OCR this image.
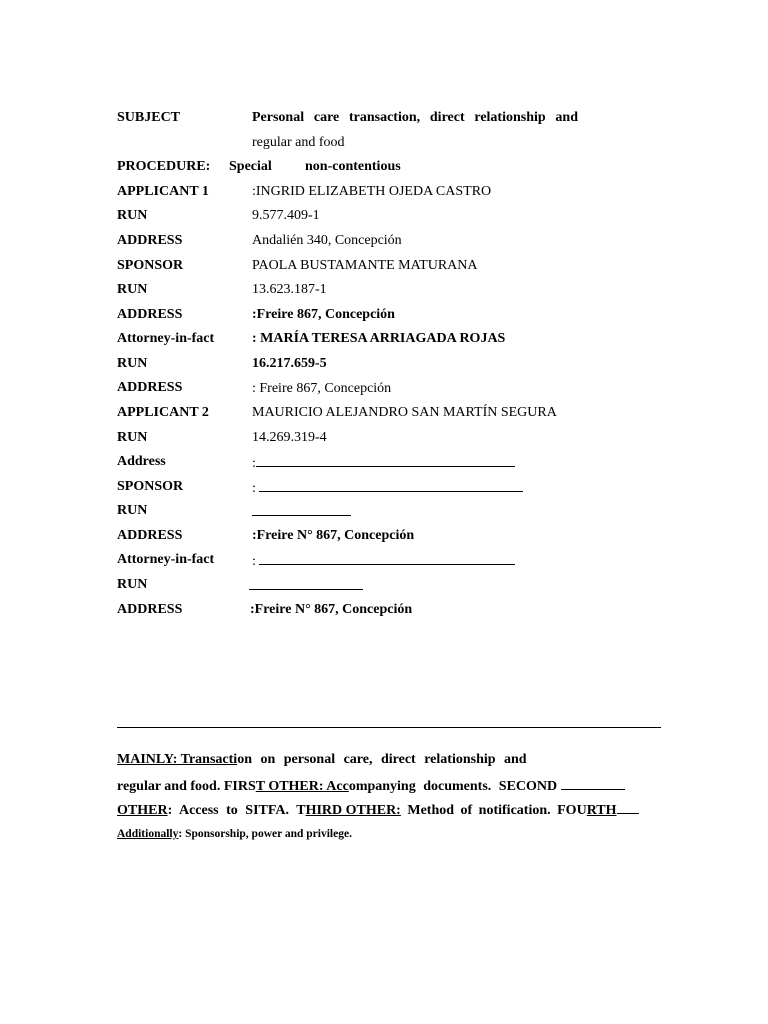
SUBJECT	Personal care transaction, direct relationship and
regular and food
PROCEDURE: Special non-contentious
APPLICANT 1	:INGRID ELIZABETH OJEDA CASTRO
RUN	9.577.409-1
ADDRESS	Andalién 340, Concepción
SPONSOR	PAOLA BUSTAMANTE MATURANA
RUN	13.623.187-1
ADDRESS	:Freire 867, Concepción
Attorney-in-fact	: MARÍA TERESA ARRIAGADA ROJAS
RUN	16.217.659-5
ADDRESS	: Freire 867, Concepción
APPLICANT 2	MAURICIO ALEJANDRO SAN MARTÍN SEGURA
RUN	14.269.319-4
Address	:
SPONSOR	:
RUN
ADDRESS	:Freire N° 867, Concepción
Attorney-in-fact	:
RUN
ADDRESS	:Freire N° 867, Concepción
MAINLY: Transaction on personal care, direct relationship and
regular and food. FIRST OTHER: Accompanying documents. SECOND
OTHER: Access to SITFA. THIRD OTHER: Method of notification. FOURTH
Additionally: Sponsorship, power and privilege.
